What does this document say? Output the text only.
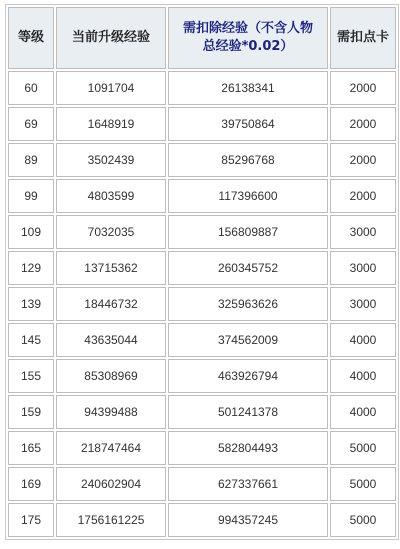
等级	当前升级经验	需扣除经验（不含人物
总经验*0.02）	需扣点卡
60	1091704	26138341	2000
69	1648919	39750864	2000
89	3502439	85296768	2000
99	4803599	117396600	2000
109	7032035	156809887	3000
129	13715362	260345752	3000
139	18446732	325963626	3000
145	43635044	374562009	4000
155	85308969	463926794	4000
159	94399488	501241378	4000
165	218747464	582804493	5000
169	240602904	627337661	5000
175	1756161225	994357245	5000
